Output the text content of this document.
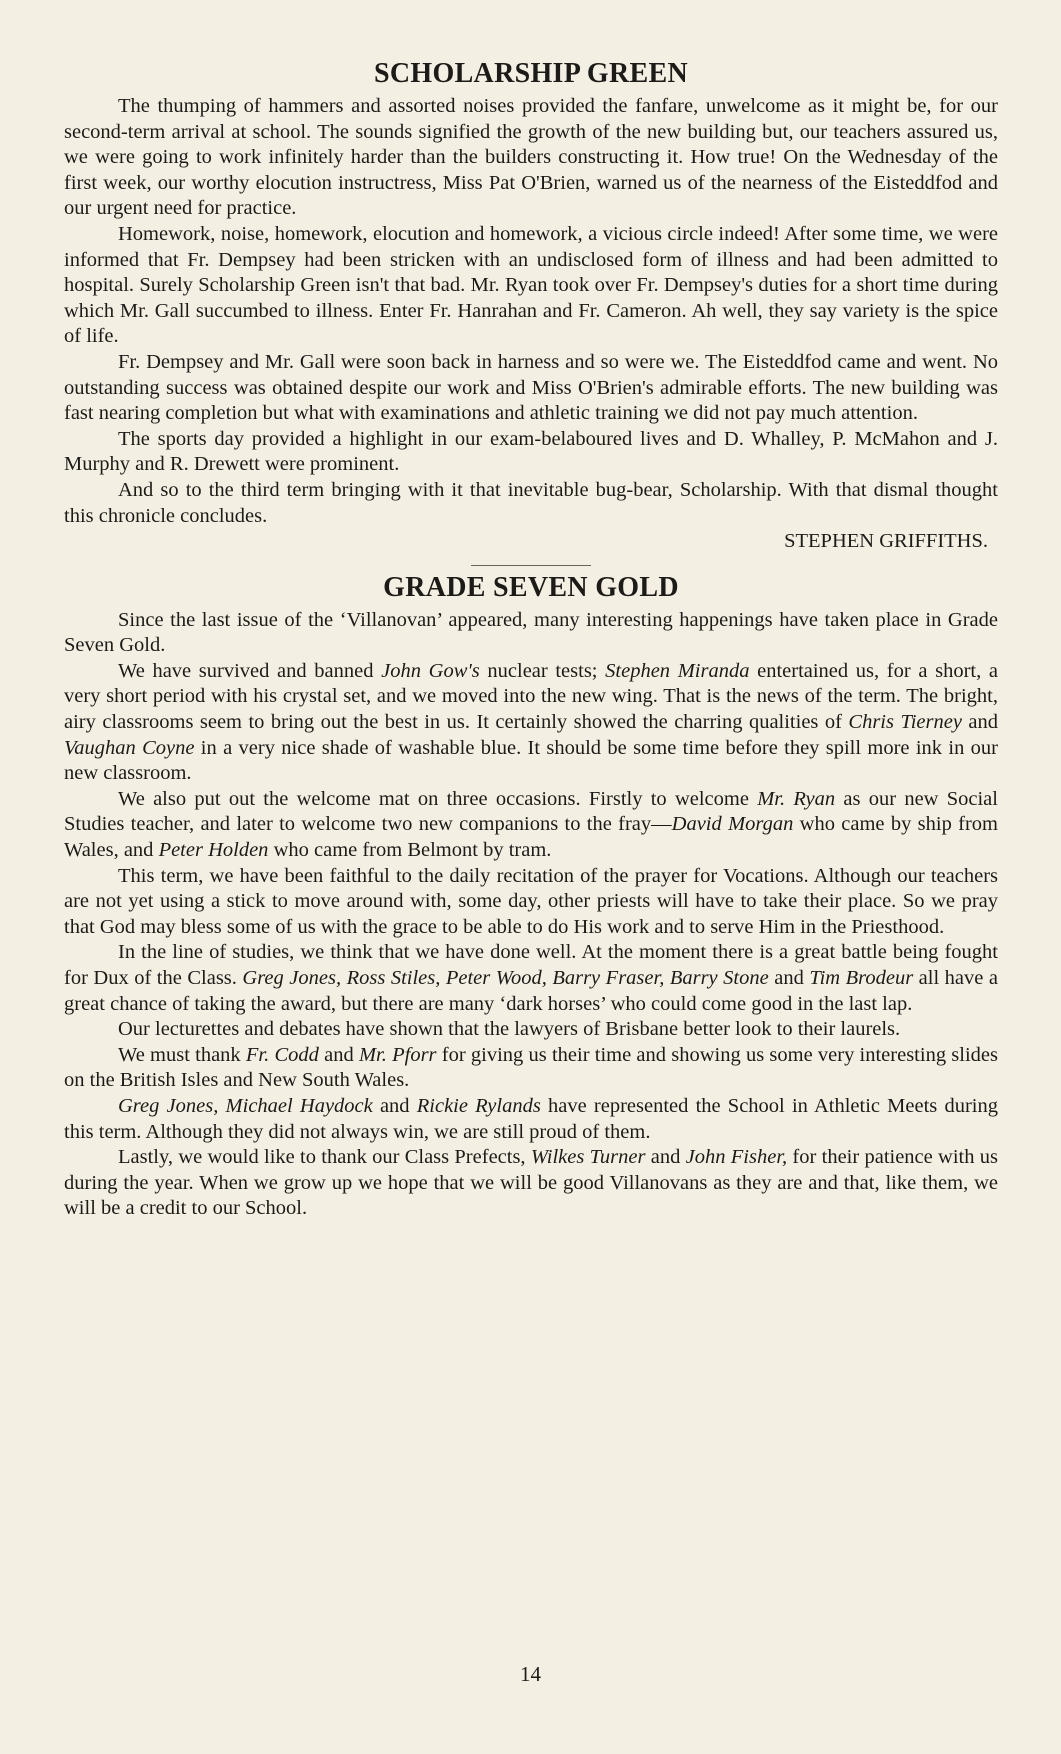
SCHOLARSHIP GREEN

The thumping of hammers and assorted noises provided the fanfare, unwelcome as it might be, for our second-term arrival at school. The sounds signified the growth of the new building but, our teachers assured us, we were going to work infinitely harder than the builders constructing it. How true! On the Wednesday of the first week, our worthy elocution instructress, Miss Pat O'Brien, warned us of the nearness of the Eisteddfod and our urgent need for practice.

Homework, noise, homework, elocution and homework, a vicious circle indeed! After some time, we were informed that Fr. Dempsey had been stricken with an undisclosed form of illness and had been admitted to hospital. Surely Scholarship Green isn't that bad. Mr. Ryan took over Fr. Dempsey's duties for a short time during which Mr. Gall succumbed to illness. Enter Fr. Hanrahan and Fr. Cameron. Ah well, they say variety is the spice of life.

Fr. Dempsey and Mr. Gall were soon back in harness and so were we. The Eisteddfod came and went. No outstanding success was obtained despite our work and Miss O'Brien's admirable efforts. The new building was fast nearing completion but what with examinations and athletic training we did not pay much attention.

The sports day provided a highlight in our exam-belaboured lives and D. Whalley, P. McMahon and J. Murphy and R. Drewett were prominent.

And so to the third term bringing with it that inevitable bug-bear, Scholarship. With that dismal thought this chronicle concludes.

STEPHEN GRIFFITHS.
GRADE SEVEN GOLD

Since the last issue of the ‘Villanovan’ appeared, many interesting happenings have taken place in Grade Seven Gold.

We have survived and banned John Gow's nuclear tests; Stephen Miranda entertained us, for a short, a very short period with his crystal set, and we moved into the new wing. That is the news of the term. The bright, airy classrooms seem to bring out the best in us. It certainly showed the charring qualities of Chris Tierney and Vaughan Coyne in a very nice shade of washable blue. It should be some time before they spill more ink in our new classroom.

We also put out the welcome mat on three occasions. Firstly to welcome Mr. Ryan as our new Social Studies teacher, and later to welcome two new companions to the fray—David Morgan who came by ship from Wales, and Peter Holden who came from Belmont by tram.

This term, we have been faithful to the daily recitation of the prayer for Vocations. Although our teachers are not yet using a stick to move around with, some day, other priests will have to take their place. So we pray that God may bless some of us with the grace to be able to do His work and to serve Him in the Priesthood.

In the line of studies, we think that we have done well. At the moment there is a great battle being fought for Dux of the Class. Greg Jones, Ross Stiles, Peter Wood, Barry Fraser, Barry Stone and Tim Brodeur all have a great chance of taking the award, but there are many ‘dark horses’ who could come good in the last lap.

Our lecturettes and debates have shown that the lawyers of Brisbane better look to their laurels.

We must thank Fr. Codd and Mr. Pforr for giving us their time and showing us some very interesting slides on the British Isles and New South Wales.

Greg Jones, Michael Haydock and Rickie Rylands have represented the School in Athletic Meets during this term. Although they did not always win, we are still proud of them.

Lastly, we would like to thank our Class Prefects, Wilkes Turner and John Fisher, for their patience with us during the year. When we grow up we hope that we will be good Villanovans as they are and that, like them, we will be a credit to our School.

14
